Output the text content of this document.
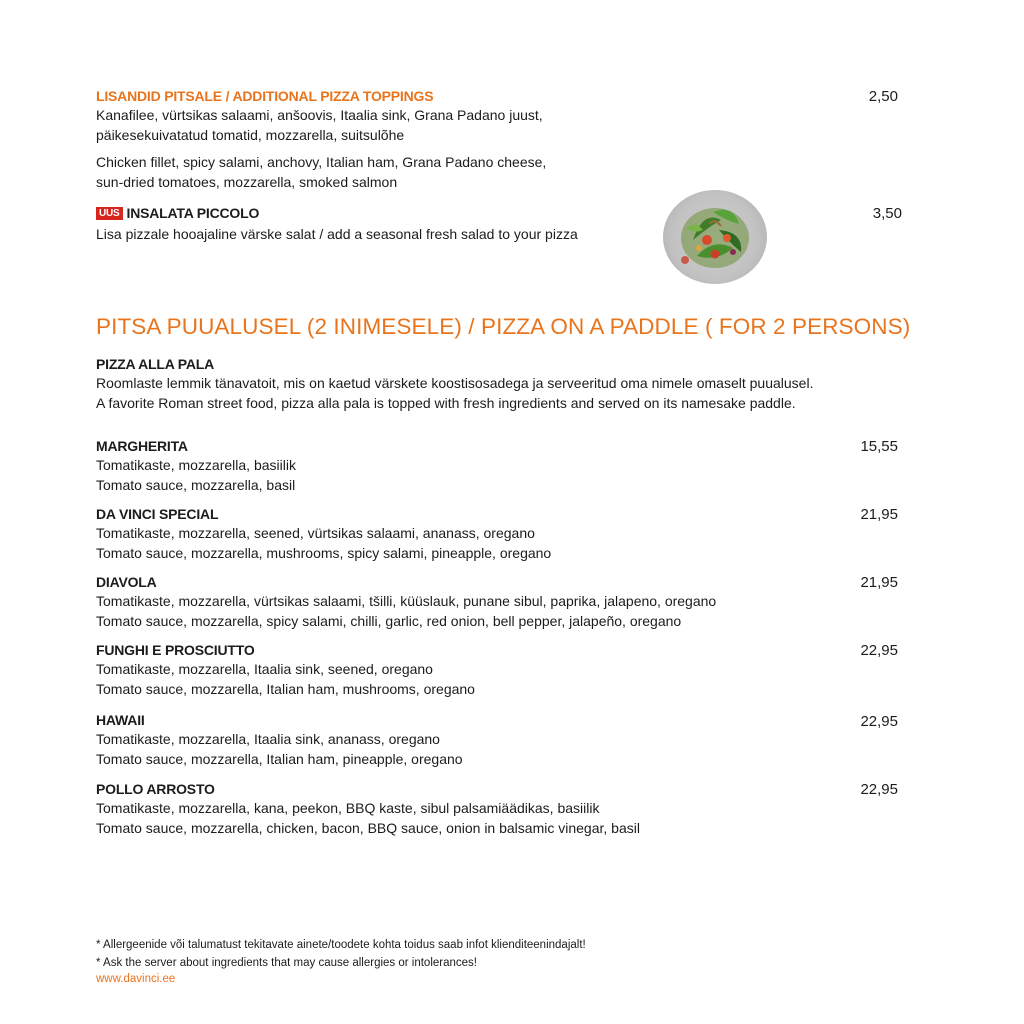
LISANDID PITSALE / ADDITIONAL PIZZA TOPPINGS
Kanafilee, vürtsikas salaami, anšoovis, Itaalia sink, Grana Padano juust,
päikesekuivatatud tomatid, mozzarella, suitsulõhe
Chicken fillet, spicy salami, anchovy, Italian ham, Grana Padano cheese,
sun-dried tomatoes, mozzarella, smoked salmon
2,50
UUS INSALATA PICCOLO
Lisa pizzale hooajaline värske salat / add a seasonal fresh salad to your pizza
3,50
PITSA PUUALUSEL (2 INIMESELE) / PIZZA ON A PADDLE ( FOR 2 PERSONS)
PIZZA ALLA PALA
Roomlaste lemmik tänavatoit, mis on kaetud värskete koostisosadega ja serveeritud oma nimele omaselt puualusel.
A favorite Roman street food, pizza alla pala is topped with fresh ingredients and served on its namesake paddle.
MARGHERITA
Tomatikaste, mozzarella, basiilik
Tomato sauce, mozzarella, basil
15,55
DA VINCI SPECIAL
Tomatikaste, mozzarella, seened, vürtsikas salaami, ananass, oregano
Tomato sauce, mozzarella, mushrooms, spicy salami, pineapple, oregano
21,95
DIAVOLA
Tomatikaste, mozzarella, vürtsikas salaami, tšilli, küüslauk, punane sibul, paprika, jalapeno, oregano
Tomato sauce, mozzarella, spicy salami, chilli, garlic, red onion, bell pepper, jalapeño, oregano
21,95
FUNGHI E PROSCIUTTO
Tomatikaste, mozzarella, Itaalia sink, seened, oregano
Tomato sauce, mozzarella, Italian ham, mushrooms, oregano
22,95
HAWAII
Tomatikaste, mozzarella, Itaalia sink, ananass, oregano
Tomato sauce, mozzarella, Italian ham, pineapple, oregano
22,95
POLLO ARROSTO
Tomatikaste, mozzarella, kana, peekon, BBQ kaste, sibul palsamiäädikas, basiilik
Tomato sauce, mozzarella, chicken, bacon, BBQ sauce, onion in balsamic vinegar, basil
22,95
* Allergeenide või talumatust tekitavate ainete/toodete kohta toidus saab infot klienditeenindajalt!
* Ask the server about ingredients that may cause allergies or intolerances!
www.davinci.ee
